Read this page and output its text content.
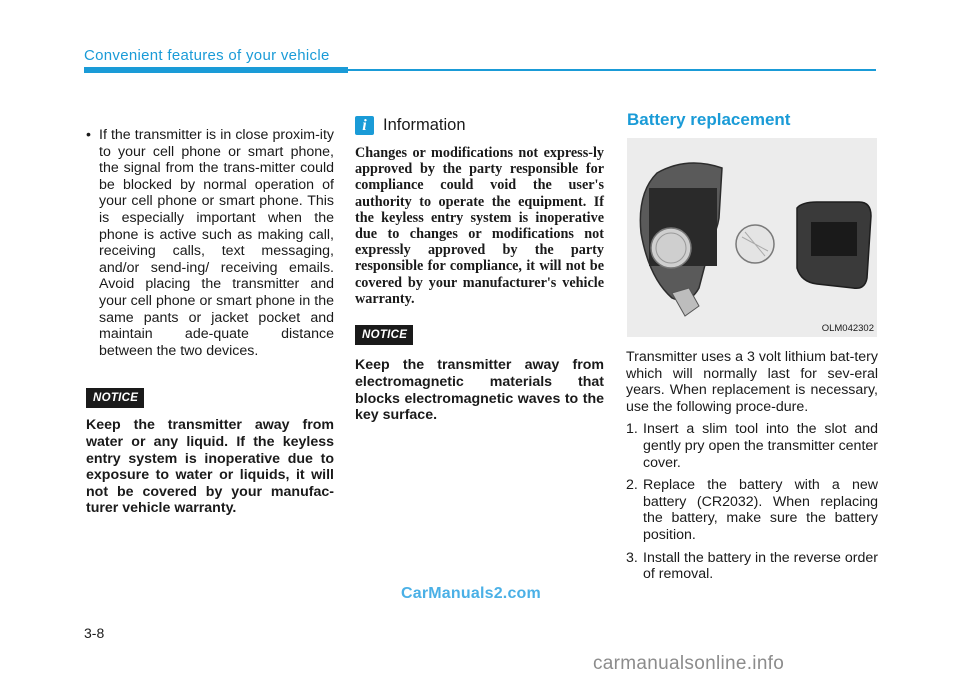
Convenient features of your vehicle
• If the transmitter is in close proxim-ity to your cell phone or smart phone, the signal from the trans-mitter could be blocked by normal operation of your cell phone or smart phone. This is especially important when the phone is active such as making call, receiving calls, text messaging, and/or send-ing/ receiving emails. Avoid placing the transmitter and your cell phone or smart phone in the same pants or jacket pocket and maintain ade-quate distance between the two devices.
NOTICE
Keep the transmitter away from water or any liquid. If the keyless entry system is inoperative due to exposure to water or liquids, it will not be covered by your manufac-turer vehicle warranty.
i Information
Changes or modifications not express-ly approved by the party responsible for compliance could void the user's authority to operate the equipment. If the keyless entry system is inoperative due to changes or modifications not expressly approved by the party responsible for compliance, it will not be covered by your manufacturer's vehicle warranty.
NOTICE
Keep the transmitter away from electromagnetic materials that blocks electromagnetic waves to the key surface.
Battery replacement
OLM042302
Transmitter uses a 3 volt lithium bat-tery which will normally last for sev-eral years. When replacement is necessary, use the following proce-dure.
1. Insert a slim tool into the slot and gently pry open the transmitter center cover.
2. Replace the battery with a new battery (CR2032). When replacing the battery, make sure the battery position.
3. Install the battery in the reverse order of removal.
3-8
CarManuals2.com
carmanualsonline.info
